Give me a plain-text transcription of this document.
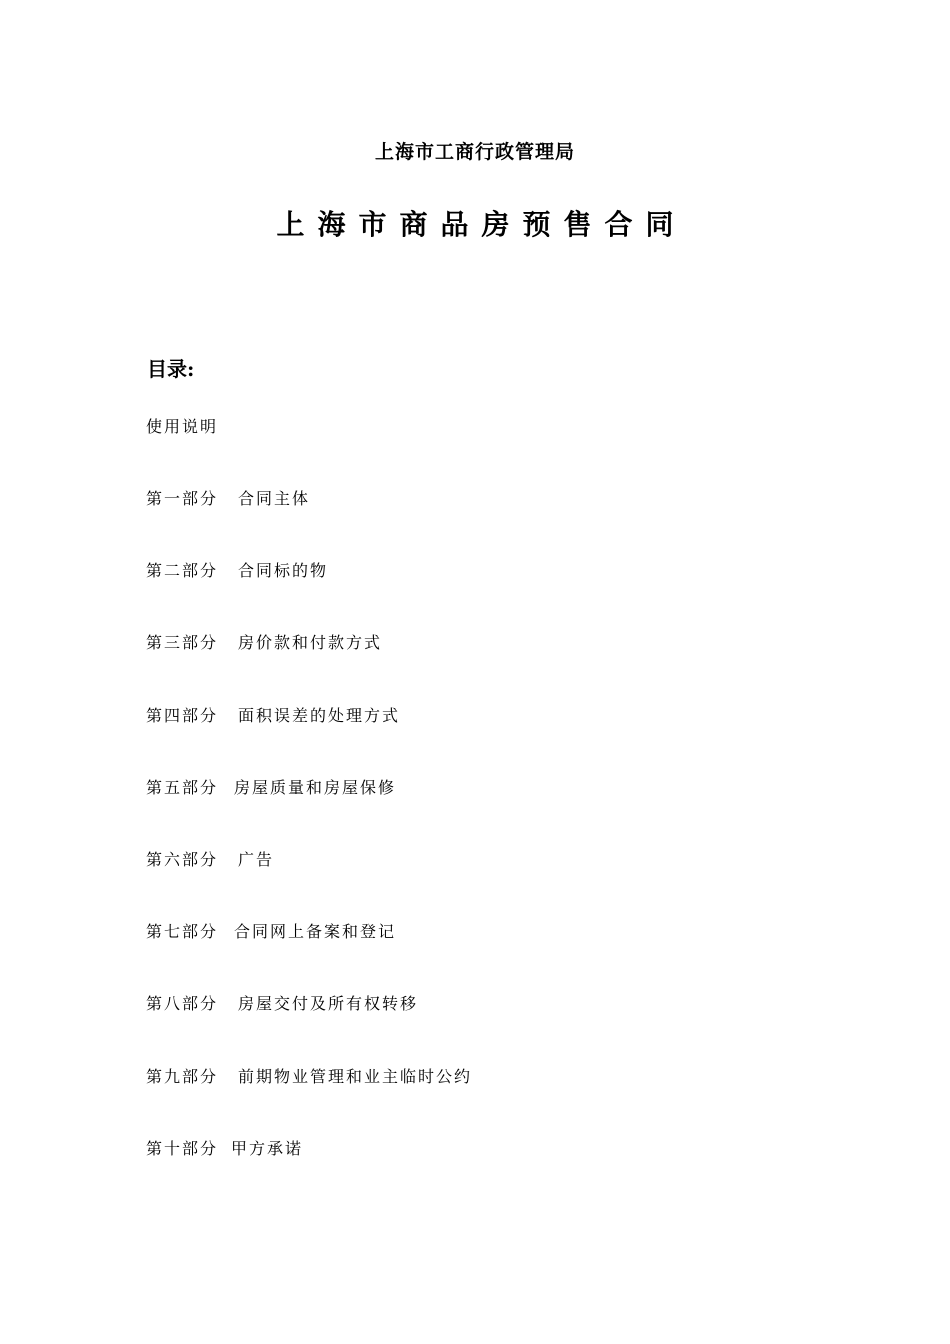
上海市工商行政管理局
上海市商品房预售合同
目录:
使用说明
第一部分 合同主体
第二部分 合同标的物
第三部分 房价款和付款方式
第四部分 面积误差的处理方式
第五部分 房屋质量和房屋保修
第六部分 广告
第七部分 合同网上备案和登记
第八部分 房屋交付及所有权转移
第九部分 前期物业管理和业主临时公约
第十部分 甲方承诺
